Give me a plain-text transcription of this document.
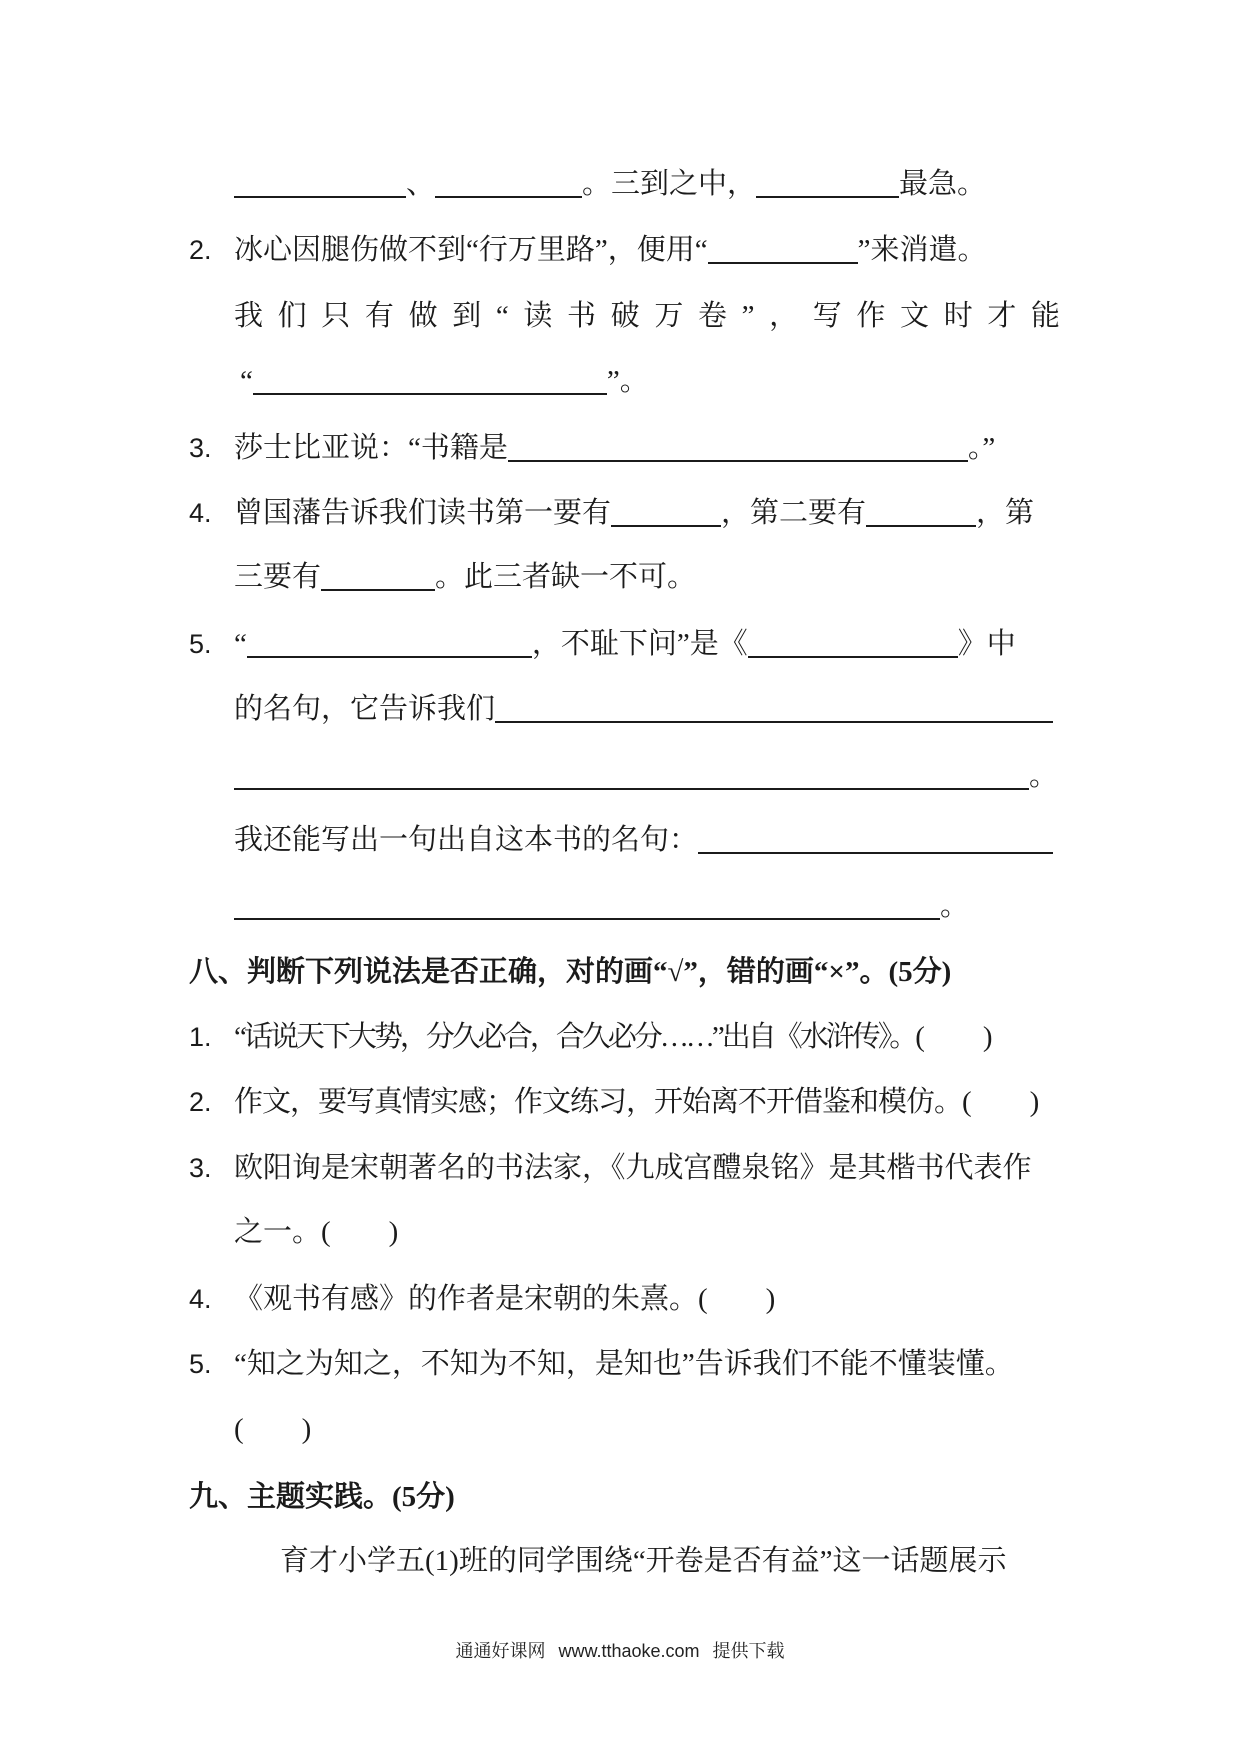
、	。三到之中，	最急。
2. 冰心因腿伤做不到“行万里路”，便用“	”来消遣。
我们只有做到“读书破万卷”，写作文时才能
“	”。
3. 莎士比亚说：“书籍是	。”
4. 曾国藩告诉我们读书第一要有	，第二要有	，第
三要有	。此三者缺一不可。
5. “	，不耻下问”是《	》中
的名句，它告诉我们
。
我还能写出一句出自这本书的名句：
。
八、判断下列说法是否正确，对的画“√”，错的画“×”。(5分)
1. “话说天下大势，分久必合，合久必分……”出自《水浒传》。 (　　)
2. 作文，要写真情实感；作文练习，开始离不开借鉴和模仿。 (　　)
3. 欧阳询是宋朝著名的书法家，《九成宫醴泉铭》是其楷书代表作
之一。 (　　)
4. 《观书有感》的作者是宋朝的朱熹。 (　　)
5. “知之为知之，不知为不知，是知也”告诉我们不能不懂装懂。
(　　)
九、主题实践。(5分)
育才小学五(1)班的同学围绕“开卷是否有益”这一话题展示
通通好课网 www.tthaoke.com 提供下载
